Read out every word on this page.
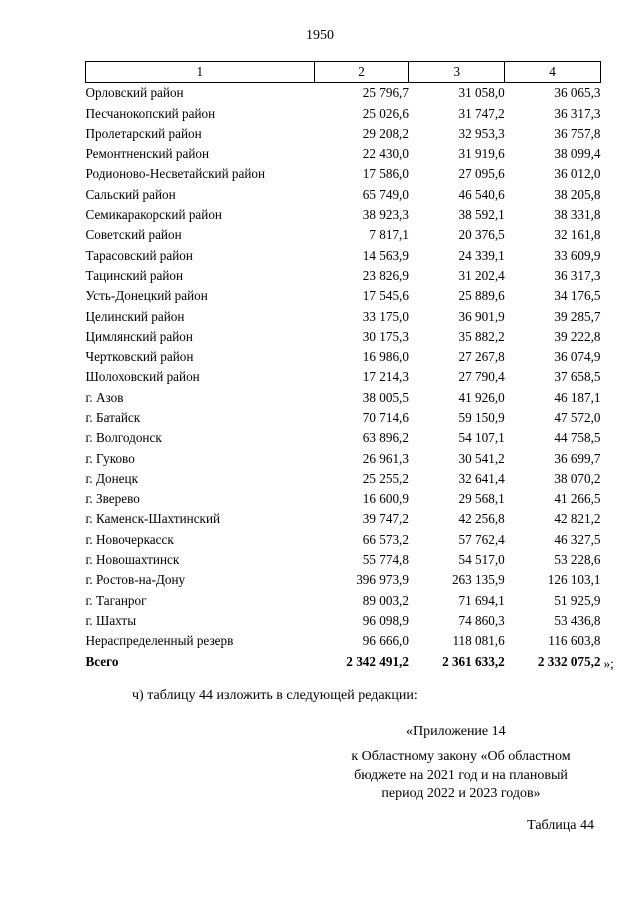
1950
1	2	3	4
Орловский район	25 796,7	31 058,0	36 065,3
Песчанокопский район	25 026,6	31 747,2	36 317,3
Пролетарский район	29 208,2	32 953,3	36 757,8
Ремонтненский район	22 430,0	31 919,6	38 099,4
Родионово-Несветайский район	17 586,0	27 095,6	36 012,0
Сальский район	65 749,0	46 540,6	38 205,8
Семикаракорский район	38 923,3	38 592,1	38 331,8
Советский район	7 817,1	20 376,5	32 161,8
Тарасовский район	14 563,9	24 339,1	33 609,9
Тацинский район	23 826,9	31 202,4	36 317,3
Усть-Донецкий район	17 545,6	25 889,6	34 176,5
Целинский район	33 175,0	36 901,9	39 285,7
Цимлянский район	30 175,3	35 882,2	39 222,8
Чертковский район	16 986,0	27 267,8	36 074,9
Шолоховский район	17 214,3	27 790,4	37 658,5
г. Азов	38 005,5	41 926,0	46 187,1
г. Батайск	70 714,6	59 150,9	47 572,0
г. Волгодонск	63 896,2	54 107,1	44 758,5
г. Гуково	26 961,3	30 541,2	36 699,7
г. Донецк	25 255,2	32 641,4	38 070,2
г. Зверево	16 600,9	29 568,1	41 266,5
г. Каменск-Шахтинский	39 747,2	42 256,8	42 821,2
г. Новочеркасск	66 573,2	57 762,4	46 327,5
г. Новошахтинск	55 774,8	54 517,0	53 228,6
г. Ростов-на-Дону	396 973,9	263 135,9	126 103,1
г. Таганрог	89 003,2	71 694,1	51 925,9
г. Шахты	96 098,9	74 860,3	53 436,8
Нераспределенный резерв	96 666,0	118 081,6	116 603,8
Всего	2 342 491,2	2 361 633,2	2 332 075,2 »;
ч) таблицу 44 изложить в следующей редакции:
«Приложение 14
к Областному закону «Об областном
бюджете на 2021 год и на плановый
период 2022 и 2023 годов»
Таблица 44
